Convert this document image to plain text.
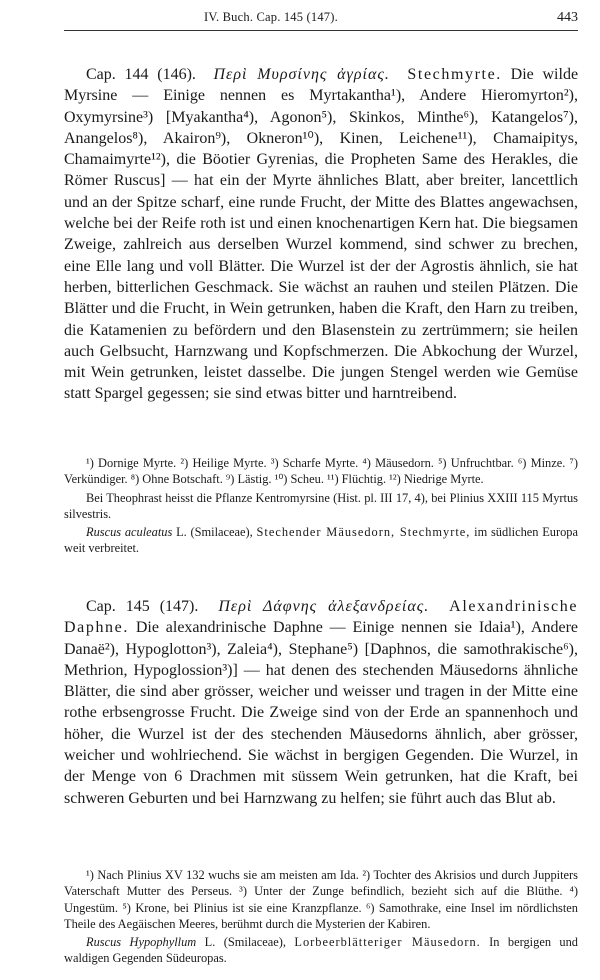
IV. Buch. Cap. 145 (147).	443

Cap. 144 (146). Περὶ Μυρσίνης ἀγρίας. Stechmyrte. Die wilde Myrsine — Einige nennen es Myrtakantha¹), Andere Hieromyrton²), Oxymyrsine³) [Myakantha⁴), Agonon⁵), Skinkos, Minthe⁶), Katangelos⁷), Anangelos⁸), Akairon⁹), Okneron¹⁰), Kinen, Leichene¹¹), Chamaipitys, Chamaimyrte¹²), die Böotier Gyrenias, die Propheten Same des Herakles, die Römer Ruscus] — hat ein der Myrte ähnliches Blatt, aber breiter, lancettlich und an der Spitze scharf, eine runde Frucht, der Mitte des Blattes angewachsen, welche bei der Reife roth ist und einen knochenartigen Kern hat. Die biegsamen Zweige, zahlreich aus derselben Wurzel kommend, sind schwer zu brechen, eine Elle lang und voll Blätter. Die Wurzel ist der der Agrostis ähnlich, sie hat herben, bitterlichen Geschmack. Sie wächst an rauhen und steilen Plätzen. Die Blätter und die Frucht, in Wein getrunken, haben die Kraft, den Harn zu treiben, die Katamenien zu befördern und den Blasenstein zu zertrümmern; sie heilen auch Gelbsucht, Harnzwang und Kopfschmerzen. Die Abkochung der Wurzel, mit Wein getrunken, leistet dasselbe. Die jungen Stengel werden wie Gemüse statt Spargel gegessen; sie sind etwas bitter und harntreibend.

¹) Dornige Myrte. ²) Heilige Myrte. ³) Scharfe Myrte. ⁴) Mäusedorn. ⁵) Unfruchtbar. ⁶) Minze. ⁷) Verkündiger. ⁸) Ohne Botschaft. ⁹) Lästig. ¹⁰) Scheu. ¹¹) Flüchtig. ¹²) Niedrige Myrte.

Bei Theophrast heisst die Pflanze Kentromyrsine (Hist. pl. III 17, 4), bei Plinius XXIII 115 Myrtus silvestris.

Ruscus aculeatus L. (Smilaceae), Stechender Mäusedorn, Stechmyrte, im südlichen Europa weit verbreitet.

Cap. 145 (147). Περὶ Δάφνης ἀλεξανδρείας. Alexandrinische Daphne. Die alexandrinische Daphne — Einige nennen sie Idaia¹), Andere Danaë²), Hypoglotton³), Zaleia⁴), Stephane⁵) [Daphnos, die samothrakische⁶), Methrion, Hypoglossion³)] — hat denen des stechenden Mäusedorns ähnliche Blätter, die sind aber grösser, weicher und weisser und tragen in der Mitte eine rothe erbsengrosse Frucht. Die Zweige sind von der Erde an spannenhoch und höher, die Wurzel ist der des stechenden Mäusedorns ähnlich, aber grösser, weicher und wohlriechend. Sie wächst in bergigen Gegenden. Die Wurzel, in der Menge von 6 Drachmen mit süssem Wein getrunken, hat die Kraft, bei schweren Geburten und bei Harnzwang zu helfen; sie führt auch das Blut ab.

¹) Nach Plinius XV 132 wuchs sie am meisten am Ida. ²) Tochter des Akrisios und durch Juppiters Vaterschaft Mutter des Perseus. ³) Unter der Zunge befindlich, bezieht sich auf die Blüthe. ⁴) Ungestüm. ⁵) Krone, bei Plinius ist sie eine Kranzpflanze. ⁶) Samothrake, eine Insel im nördlichsten Theile des Aegäischen Meeres, berühmt durch die Mysterien der Kabiren.

Ruscus Hypophyllum L. (Smilaceae), Lorbeerblätteriger Mäusedorn. In bergigen und waldigen Gegenden Südeuropas.
